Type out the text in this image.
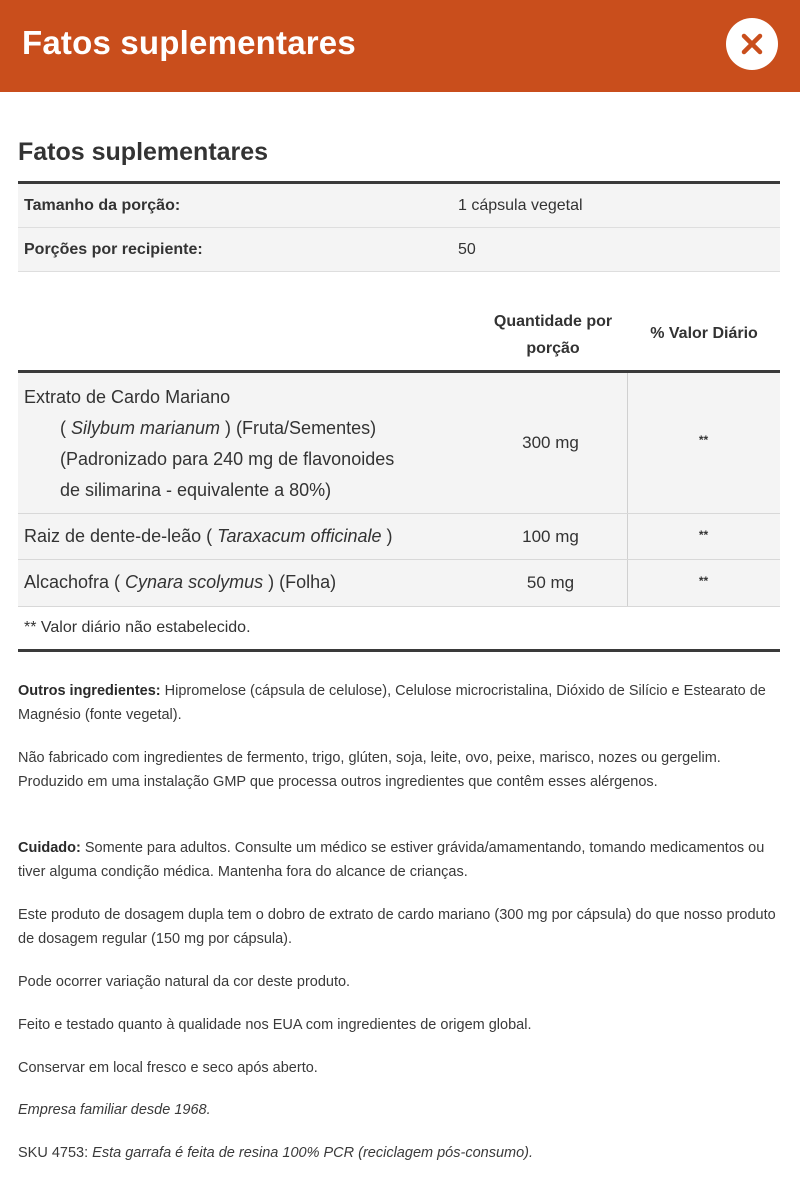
Fatos suplementares
Fatos suplementares
Tamanho da porção:	1 cápsula vegetal
Porções por recipiente:	50
Quantidade por
porção
% Valor Diário
Extrato de Cardo Mariano
( Silybum marianum ) (Fruta/Sementes)
(Padronizado para 240 mg de flavonoides
de silimarina - equivalente a 80%)
300 mg	**
Raiz de dente-de-leão ( Taraxacum officinale )	100 mg	**
Alcachofra ( Cynara scolymus ) (Folha)	50 mg	**
** Valor diário não estabelecido.
Outros ingredientes: Hipromelose (cápsula de celulose), Celulose microcristalina, Dióxido de Silício e Estearato de Magnésio (fonte vegetal).
Não fabricado com ingredientes de fermento, trigo, glúten, soja, leite, ovo, peixe, marisco, nozes ou gergelim. Produzido em uma instalação GMP que processa outros ingredientes que contêm esses alérgenos.
Cuidado: Somente para adultos. Consulte um médico se estiver grávida/amamentando, tomando medicamentos ou tiver alguma condição médica. Mantenha fora do alcance de crianças.
Este produto de dosagem dupla tem o dobro de extrato de cardo mariano (300 mg por cápsula) do que nosso produto de dosagem regular (150 mg por cápsula).
Pode ocorrer variação natural da cor deste produto.
Feito e testado quanto à qualidade nos EUA com ingredientes de origem global.
Conservar em local fresco e seco após aberto.
Empresa familiar desde 1968.
SKU 4753: Esta garrafa é feita de resina 100% PCR (reciclagem pós-consumo).
